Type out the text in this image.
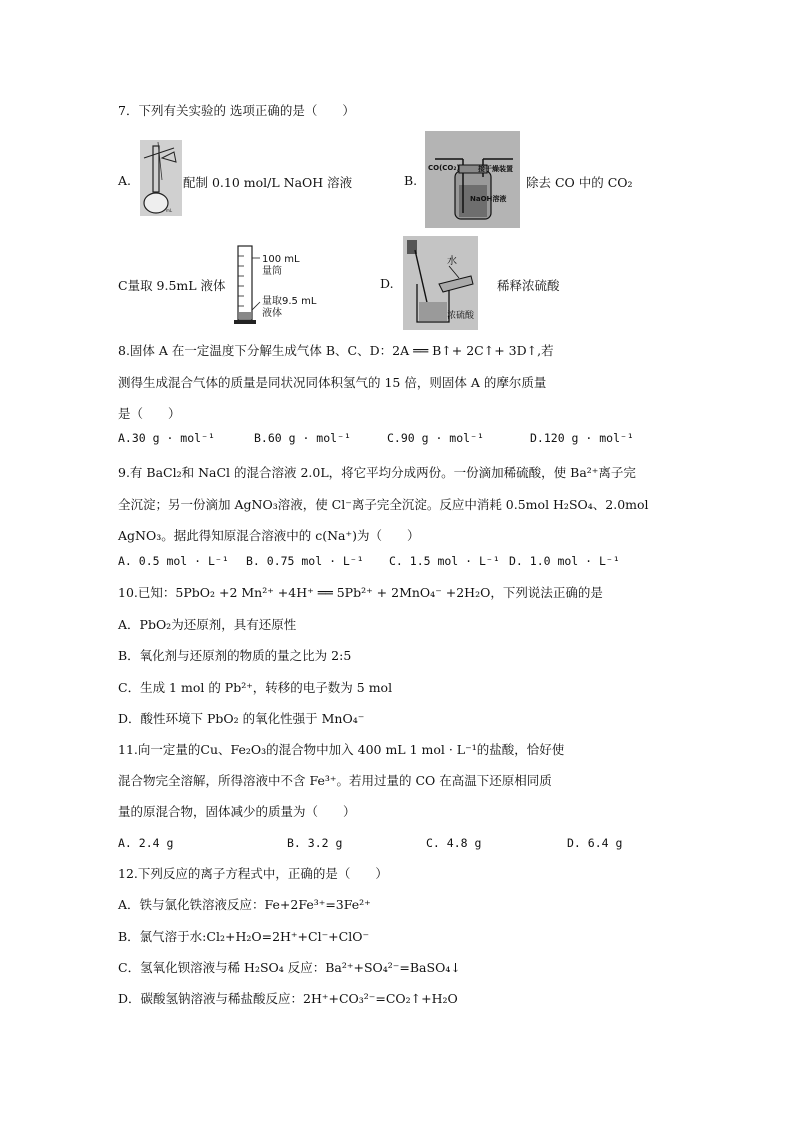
7．下列有关实验的 选项正确的是（　　）
A.
mL
配制 0.10 mol/L NaOH 溶液	B.
CO(CO₂)	接干燥装置
NaOH溶液
除去 CO 中的 CO₂
C量取 9.5mL 液体
100 mL
量筒
量取9.5 mL
液体
D.
水
浓硫酸
稀释浓硫酸
8.固体 A 在一定温度下分解生成气体 B、C、D：2A ══ B↑+ 2C↑+ 3D↑,若
测得生成混合气体的质量是同状况同体积氢气的 15 倍，则固体 A 的摩尔质量
是（　　）
A.30 g · mol⁻¹	B.60 g · mol⁻¹	C.90 g · mol⁻¹	D.120 g · mol⁻¹
9.有 BaCl₂和 NaCl 的混合溶液 2.0L，将它平均分成两份。一份滴加稀硫酸，使 Ba²⁺离子完
全沉淀；另一份滴加 AgNO₃溶液，使 Cl⁻离子完全沉淀。反应中消耗 0.5mol H₂SO₄、2.0mol
AgNO₃。据此得知原混合溶液中的 c(Na⁺)为（　　）
A. 0.5 mol · L⁻¹ B. 0.75 mol · L⁻¹ C. 1.5 mol · L⁻¹ D. 1.0 mol · L⁻¹
10.已知：5PbO₂ +2 Mn²⁺ +4H⁺ ══ 5Pb²⁺ + 2MnO₄⁻ +2H₂O，下列说法正确的是
A．PbO₂为还原剂，具有还原性
B．氧化剂与还原剂的物质的量之比为 2:5
C．生成 1 mol 的 Pb²⁺，转移的电子数为 5 mol
D．酸性环境下 PbO₂ 的氧化性强于 MnO₄⁻
11.向一定量的Cu、Fe₂O₃的混合物中加入 400 mL 1 mol · L⁻¹的盐酸，恰好使
混合物完全溶解，所得溶液中不含 Fe³⁺。若用过量的 CO 在高温下还原相同质
量的原混合物，固体减少的质量为（　　）
A. 2.4 g	B. 3.2 g	C. 4.8 g	D. 6.4 g
12.下列反应的离子方程式中，正确的是（　　）
A．铁与氯化铁溶液反应：Fe+2Fe³⁺=3Fe²⁺
B．氯气溶于水:Cl₂+H₂O=2H⁺+Cl⁻+ClO⁻
C．氢氧化钡溶液与稀 H₂SO₄ 反应：Ba²⁺+SO₄²⁻=BaSO₄↓
D．碳酸氢钠溶液与稀盐酸反应：2H⁺+CO₃²⁻=CO₂↑+H₂O
